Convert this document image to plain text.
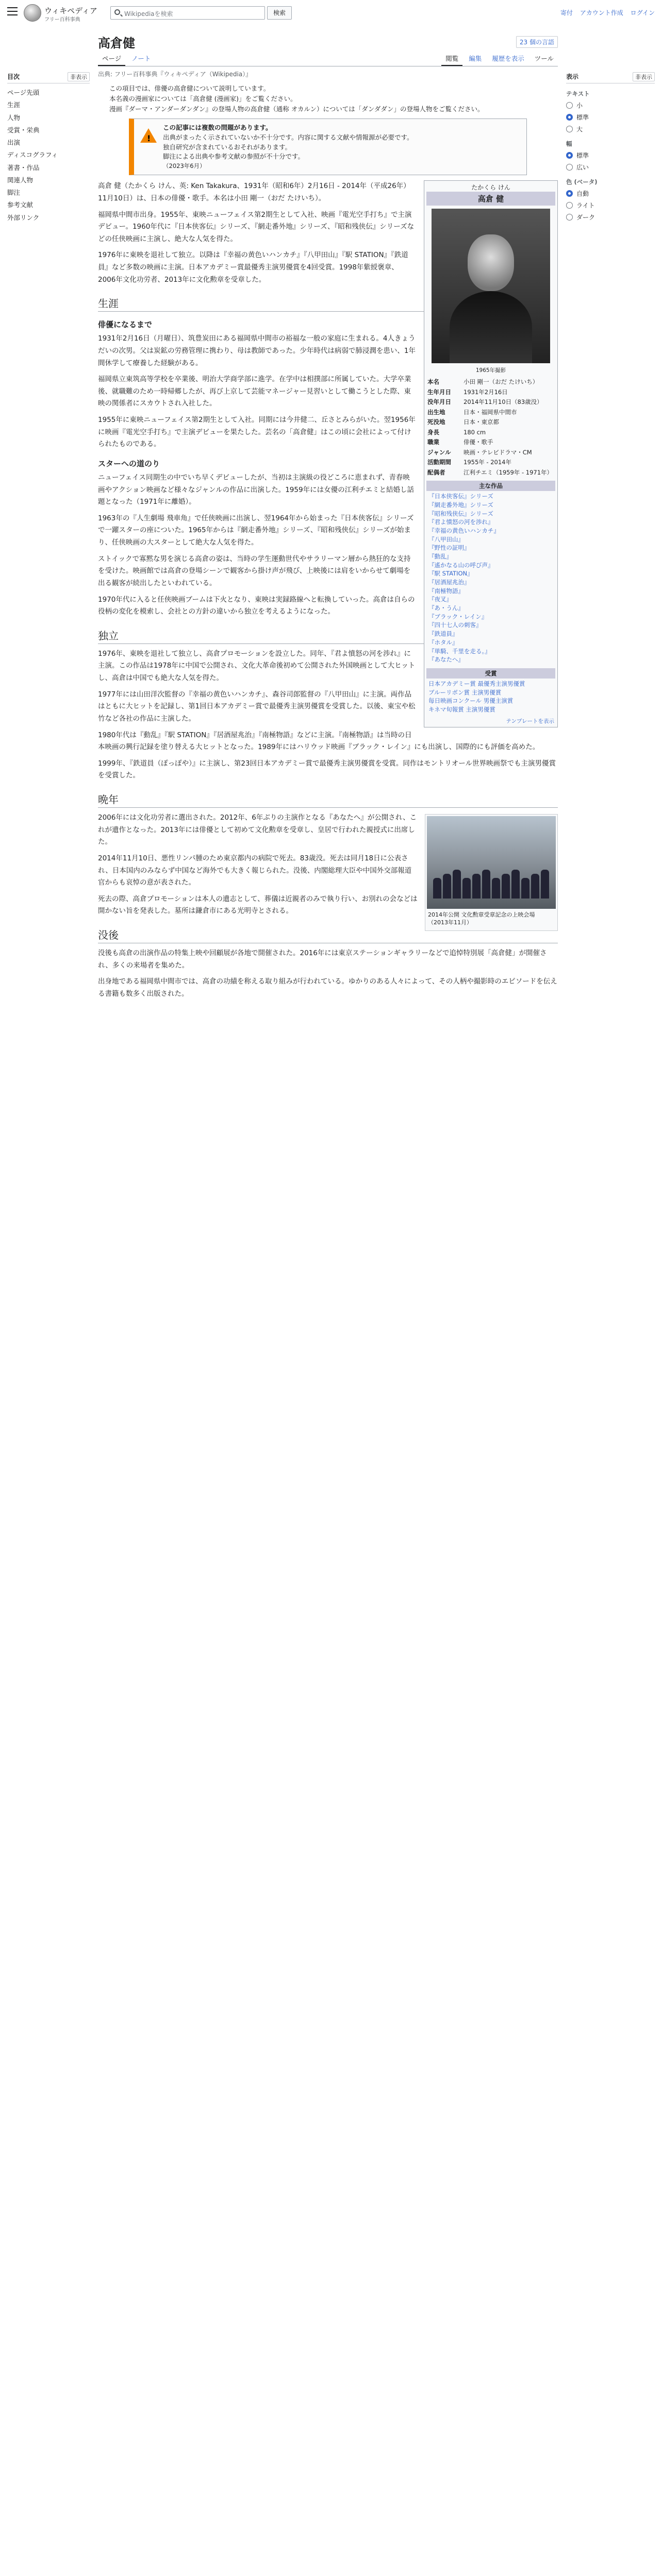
ウィキペディア
フリー百科事典
Wikipediaを検索	検索	寄付 アカウント作成 ログイン
目次	非表示
ページ先頭
生涯
人物
受賞・栄典
出演
ディスコグラフィ
著書・作品
関連人物
脚注
参考文献
外部リンク
表示	非表示
テキスト
小
標準
大
幅
標準
広い
色 (ベータ)
自動
ライト
ダーク
高倉健	23 個の言語
ページ ノート	閲覧 編集 履歴を表示 ツール
出典: フリー百科事典『ウィキペディア（Wikipedia）』
この項目では、俳優の高倉健について説明しています。
本名義の漫画家については「高倉健 (漫画家)」をご覧ください。
漫画『ダーマ・アンダーダンダン』の登場人物の高倉健（通称 オカルン）については「ダンダダン」の登場人物をご覧ください。
!
この記事には複数の問題があります。
出典がまったく示されていないか不十分です。内容に関する文献や情報源が必要です。
独自研究が含まれているおそれがあります。
脚注による出典や参考文献の参照が不十分です。
（2023年6月）
たかくら けん
高倉 健
1965年撮影
本名	小田 剛一（おだ たけいち）
生年月日	1931年2月16日
没年月日	2014年11月10日（83歳没）
出生地	日本・福岡県中間市
死没地	日本・東京都
身長	180 cm
職業	俳優・歌手
ジャンル	映画・テレビドラマ・CM
活動期間	1955年 - 2014年
配偶者	江利チエミ（1959年 - 1971年）
主な作品
『日本侠客伝』シリーズ
『網走番外地』シリーズ
『昭和残侠伝』シリーズ
『君よ憤怒の河を渉れ』
『幸福の黄色いハンカチ』
『八甲田山』
『野性の証明』
『動乱』
『遙かなる山の呼び声』
『駅 STATION』
『居酒屋兆治』
『南極物語』
『夜叉』
『あ・うん』
『ブラック・レイン』
『四十七人の刺客』
『鉄道員』
『ホタル』
『単騎、千里を走る。』
『あなたへ』
受賞
日本アカデミー賞 最優秀主演男優賞
ブルーリボン賞 主演男優賞
毎日映画コンクール 男優主演賞
キネマ旬報賞 主演男優賞
テンプレートを表示

高倉 健（たかくら けん、英: Ken Takakura、1931年（昭和6年）2月16日 - 2014年（平成26年）11月10日）は、日本の俳優・歌手。本名は小田 剛一（おだ たけいち）。

福岡県中間市出身。1955年、東映ニューフェイス第2期生として入社、映画『電光空手打ち』で主演デビュー。1960年代に『日本侠客伝』シリーズ、『網走番外地』シリーズ、『昭和残侠伝』シリーズなどの任侠映画に主演し、絶大な人気を得た。

1976年に東映を退社して独立。以降は『幸福の黄色いハンカチ』『八甲田山』『駅 STATION』『鉄道員』など多数の映画に主演。日本アカデミー賞最優秀主演男優賞を4回受賞。1998年紫綬褒章、2006年文化功労者、2013年に文化勲章を受章した。

生涯
俳優になるまで

1931年2月16日（月曜日）、筑豊炭田にある福岡県中間市の裕福な一般の家庭に生まれる。4人きょうだいの次男。父は炭鉱の労務管理に携わり、母は教師であった。少年時代は病弱で肺浸潤を患い、1年間休学して療養した経験がある。

福岡県立東筑高等学校を卒業後、明治大学商学部に進学。在学中は相撲部に所属していた。大学卒業後、就職難のため一時帰郷したが、再び上京して芸能マネージャー見習いとして働こうとした際、東映の関係者にスカウトされ入社した。

1955年に東映ニューフェイス第2期生として入社。同期には今井健二、丘さとみらがいた。翌1956年に映画『電光空手打ち』で主演デビューを果たした。芸名の「高倉健」はこの頃に会社によって付けられたものである。

スターへの道のり

ニューフェイス同期生の中でいち早くデビューしたが、当初は主演級の役どころに恵まれず、青春映画やアクション映画など様々なジャンルの作品に出演した。1959年には女優の江利チエミと結婚し話題となった（1971年に離婚）。

1963年の『人生劇場 飛車角』で任侠映画に出演し、翌1964年から始まった『日本侠客伝』シリーズで一躍スターの座についた。1965年からは『網走番外地』シリーズ、『昭和残侠伝』シリーズが始まり、任侠映画の大スターとして絶大な人気を得た。

ストイックで寡黙な男を演じる高倉の姿は、当時の学生運動世代やサラリーマン層から熱狂的な支持を受けた。映画館では高倉の登場シーンで観客から掛け声が飛び、上映後には肩をいからせて劇場を出る観客が続出したといわれている。

1970年代に入ると任侠映画ブームは下火となり、東映は実録路線へと転換していった。高倉は自らの役柄の変化を模索し、会社との方針の違いから独立を考えるようになった。

独立

1976年、東映を退社して独立し、高倉プロモーションを設立した。同年、『君よ憤怒の河を渉れ』に主演。この作品は1978年に中国で公開され、文化大革命後初めて公開された外国映画として大ヒットし、高倉は中国でも絶大な人気を得た。

1977年には山田洋次監督の『幸福の黄色いハンカチ』、森谷司郎監督の『八甲田山』に主演。両作品はともに大ヒットを記録し、第1回日本アカデミー賞で最優秀主演男優賞を受賞した。以後、東宝や松竹など各社の作品に主演した。

1980年代は『動乱』『駅 STATION』『居酒屋兆治』『南極物語』などに主演。『南極物語』は当時の日本映画の興行記録を塗り替える大ヒットとなった。1989年にはハリウッド映画『ブラック・レイン』にも出演し、国際的にも評価を高めた。

1999年、『鉄道員（ぽっぽや）』に主演し、第23回日本アカデミー賞で最優秀主演男優賞を受賞。同作はモントリオール世界映画祭でも主演男優賞を受賞した。

晩年
2014年公開 文化勲章受章記念の上映会場（2013年11月）

2006年には文化功労者に選出された。2012年、6年ぶりの主演作となる『あなたへ』が公開され、これが遺作となった。2013年には俳優として初めて文化勲章を受章し、皇居で行われた親授式に出席した。

2014年11月10日、悪性リンパ腫のため東京都内の病院で死去。83歳没。死去は同月18日に公表され、日本国内のみならず中国など海外でも大きく報じられた。没後、内閣総理大臣や中国外交部報道官からも哀悼の意が表された。

死去の際、高倉プロモーションは本人の遺志として、葬儀は近親者のみで執り行い、お別れの会などは開かない旨を発表した。墓所は鎌倉市にある光明寺とされる。

没後

没後も高倉の出演作品の特集上映や回顧展が各地で開催された。2016年には東京ステーションギャラリーなどで追悼特別展「高倉健」が開催され、多くの来場者を集めた。

出身地である福岡県中間市では、高倉の功績を称える取り組みが行われている。ゆかりのある人々によって、その人柄や撮影時のエピソードを伝える書籍も数多く出版された。
